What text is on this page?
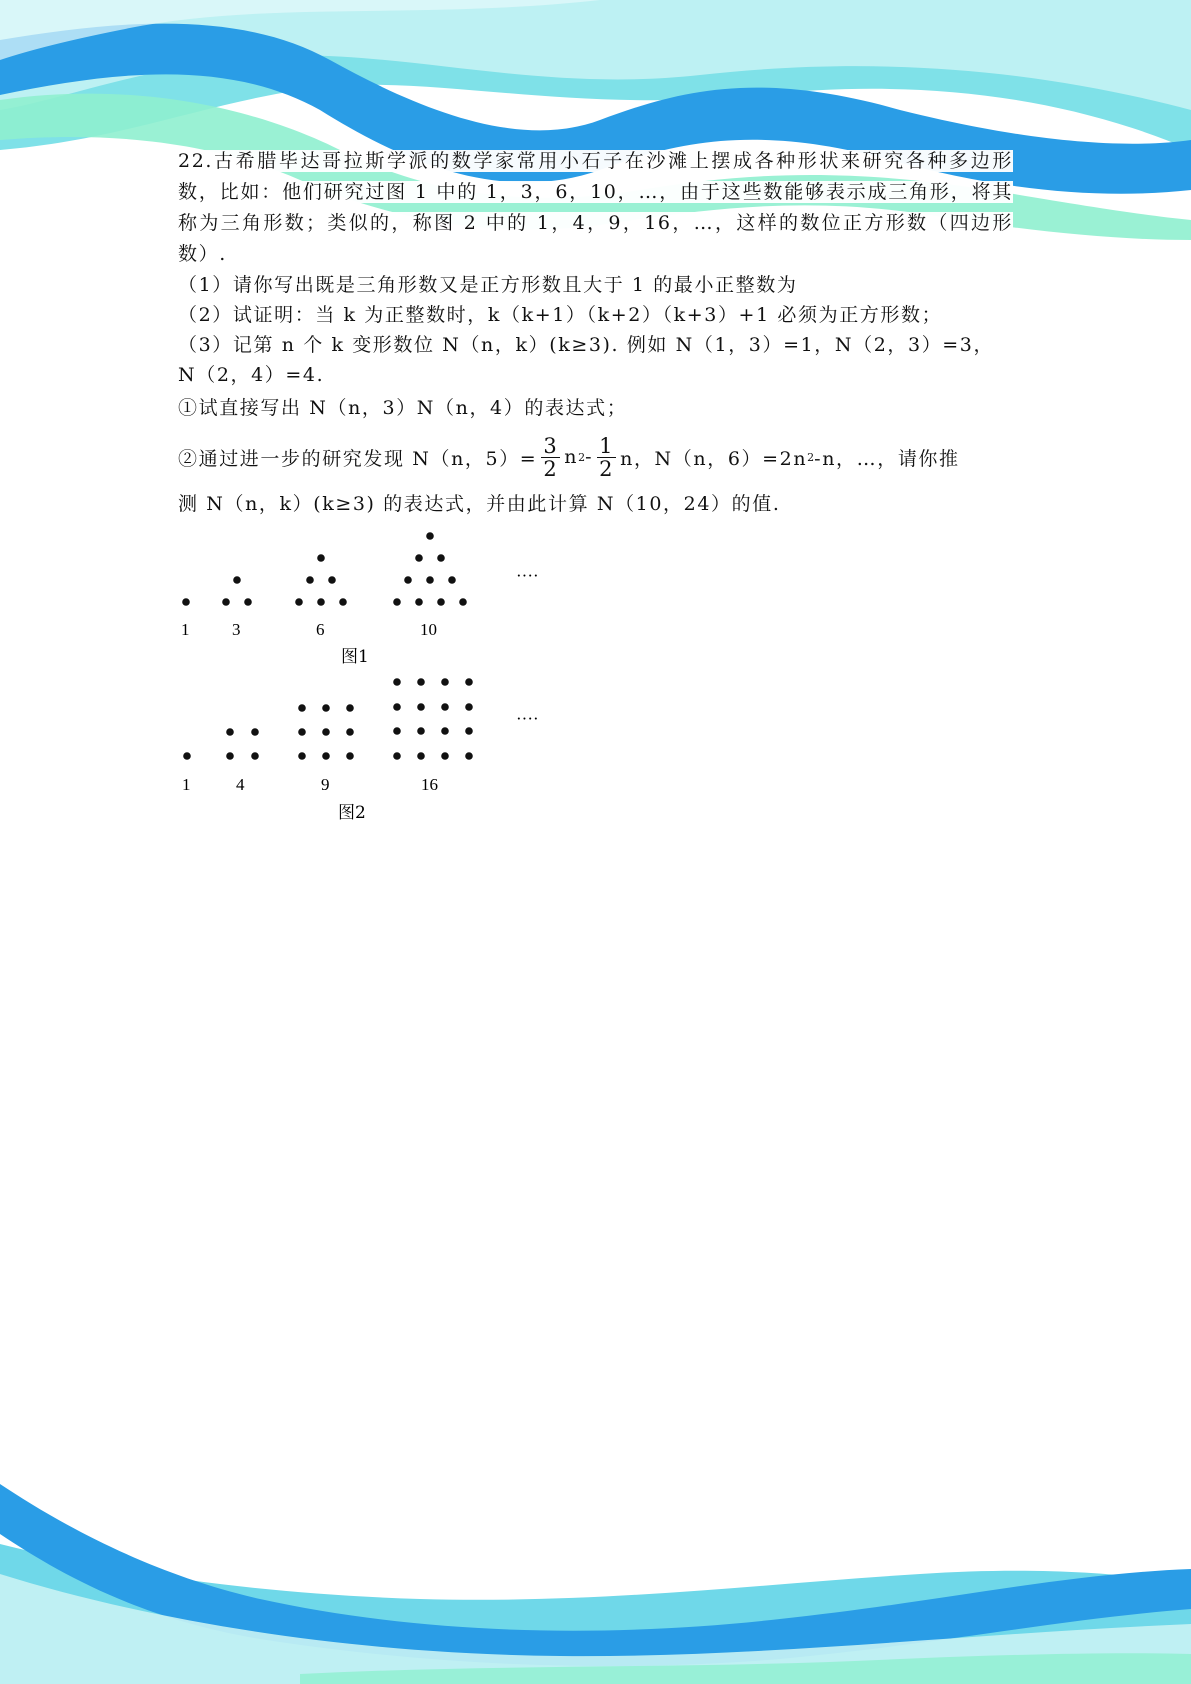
22.古希腊毕达哥拉斯学派的数学家常用小石子在沙滩上摆成各种形状来研究各种多边形数，比如：他们研究过图 1 中的 1，3，6，10，…，由于这些数能够表示成三角形，将其称为三角形数；类似的，称图 2 中的 1，4，9，16，…，这样的数位正方形数（四边形数）.

（1）请你写出既是三角形数又是正方形数且大于 1 的最小正整数为

（2）试证明：当 k 为正整数时，k（k+1）（k+2）（k+3）+1 必须为正方形数；

（3）记第 n 个 k 变形数位 N（n，k）(k≥3). 例如 N（1，3）=1，N（2，3）=3，

N（2，4）=4.

①试直接写出 N（n，3）N（n，4）的表达式；

②通过进一步的研究发现 N（n，$5)= \frac{3}{2}$ n $2 - \frac{1}{2}$ n，N（n，6）=2n 2 -n，…，请你推

测 N（n，k）(k≥3) 的表达式，并由此计算 N（10，24）的值.

····
1	3	6	10
图1
····
1	4	9	16
图2
